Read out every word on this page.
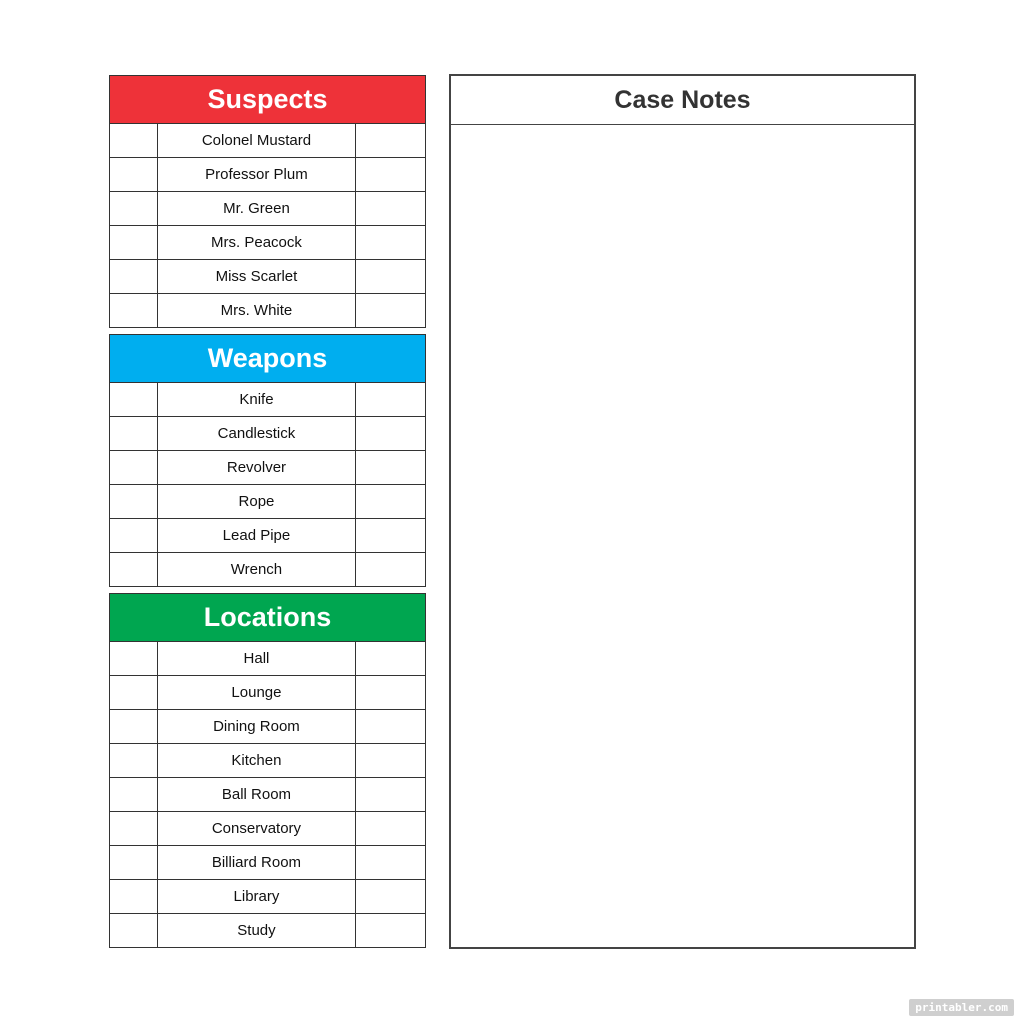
Suspects
	Colonel Mustard	
	Professor Plum	
	Mr. Green	
	Mrs. Peacock	
	Miss Scarlet	
	Mrs. White	
Weapons
	Knife	
	Candlestick	
	Revolver	
	Rope	
	Lead Pipe	
	Wrench	
Locations
	Hall	
	Lounge	
	Dining Room	
	Kitchen	
	Ball Room	
	Conservatory	
	Billiard Room	
	Library	
	Study	
Case Notes
printabler.com
